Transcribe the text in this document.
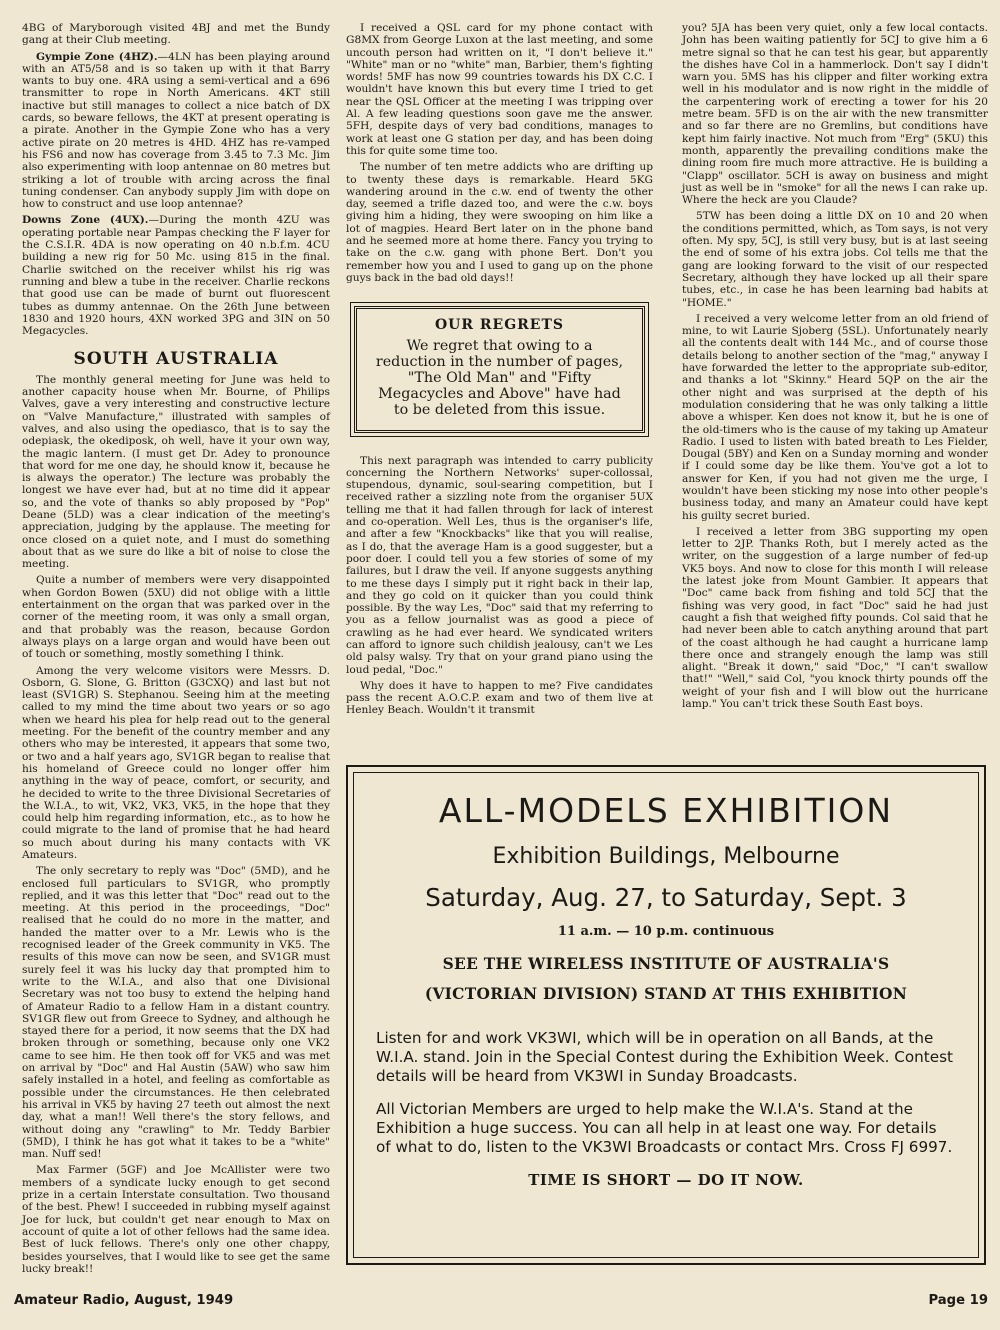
4BG of Maryborough visited 4BJ and met the Bundy gang at their Club meeting.

Gympie Zone (4HZ).—4LN has been playing around with an AT5/58 and is so taken up with it that Barry wants to buy one. 4RA using a semi-vertical and a 696 transmitter to rope in North Americans. 4KT still inactive but still manages to collect a nice batch of DX cards, so beware fellows, the 4KT at present operating is a pirate. Another in the Gympie Zone who has a very active pirate on 20 metres is 4HD. 4HZ has re-vamped his FS6 and now has coverage from 3.45 to 7.3 Mc. Jim also experimenting with loop antennae on 80 metres but striking a lot of trouble with arcing across the final tuning condenser. Can anybody supply Jim with dope on how to construct and use loop antennae?

Downs Zone (4UX).—During the month 4ZU was operating portable near Pampas checking the F layer for the C.S.I.R. 4DA is now operating on 40 n.b.f.m. 4CU building a new rig for 50 Mc. using 815 in the final. Charlie switched on the receiver whilst his rig was running and blew a tube in the receiver. Charlie reckons that good use can be made of burnt out fluorescent tubes as dummy antennae. On the 26th June between 1830 and 1920 hours, 4XN worked 3PG and 3IN on 50 Megacycles.

SOUTH AUSTRALIA

The monthly general meeting for June was held to another capacity house when Mr. Bourne, of Philips Valves, gave a very interesting and constructive lecture on "Valve Manufacture," illustrated with samples of valves, and also using the opediasco, that is to say the odepiask, the okediposk, oh well, have it your own way, the magic lantern. (I must get Dr. Adey to pronounce that word for me one day, he should know it, because he is always the operator.) The lecture was probably the longest we have ever had, but at no time did it appear so, and the vote of thanks so ably proposed by "Pop" Deane (5LD) was a clear indication of the meeting's appreciation, judging by the applause. The meeting for once closed on a quiet note, and I must do something about that as we sure do like a bit of noise to close the meeting.

Quite a number of members were very disappointed when Gordon Bowen (5XU) did not oblige with a little entertainment on the organ that was parked over in the corner of the meeting room, it was only a small organ, and that probably was the reason, because Gordon always plays on a large organ and would have been out of touch or something, mostly something I think.

Among the very welcome visitors were Messrs. D. Osborn, G. Slone, G. Britton (G3CXQ) and last but not least (SV1GR) S. Stephanou. Seeing him at the meeting called to my mind the time about two years or so ago when we heard his plea for help read out to the general meeting. For the benefit of the country member and any others who may be interested, it appears that some two, or two and a half years ago, SV1GR began to realise that his homeland of Greece could no longer offer him anything in the way of peace, comfort, or security, and he decided to write to the three Divisional Secretaries of the W.I.A., to wit, VK2, VK3, VK5, in the hope that they could help him regarding information, etc., as to how he could migrate to the land of promise that he had heard so much about during his many contacts with VK Amateurs.

The only secretary to reply was "Doc" (5MD), and he enclosed full particulars to SV1GR, who promptly replied, and it was this letter that "Doc" read out to the meeting. At this period in the proceedings, "Doc" realised that he could do no more in the matter, and handed the matter over to a Mr. Lewis who is the recognised leader of the Greek community in VK5. The results of this move can now be seen, and SV1GR must surely feel it was his lucky day that prompted him to write to the W.I.A., and also that one Divisional Secretary was not too busy to extend the helping hand of Amateur Radio to a fellow Ham in a distant country. SV1GR flew out from Greece to Sydney, and although he stayed there for a period, it now seems that the DX had broken through or something, because only one VK2 came to see him. He then took off for VK5 and was met on arrival by "Doc" and Hal Austin (5AW) who saw him safely installed in a hotel, and feeling as comfortable as possible under the circumstances. He then celebrated his arrival in VK5 by having 27 teeth out almost the next day, what a man!! Well there's the story fellows, and without doing any "crawling" to Mr. Teddy Barbier (5MD), I think he has got what it takes to be a "white" man. Nuff sed!

Max Farmer (5GF) and Joe McAllister were two members of a syndicate lucky enough to get second prize in a certain Interstate consultation. Two thousand of the best. Phew! I succeeded in rubbing myself against Joe for luck, but couldn't get near enough to Max on account of quite a lot of other fellows had the same idea. Best of luck fellows. There's only one other chappy, besides yourselves, that I would like to see get the same lucky break!!

I received a QSL card for my phone contact with G8MX from George Luxon at the last meeting, and some uncouth person had written on it, "I don't believe it." "White" man or no "white" man, Barbier, them's fighting words! 5MF has now 99 countries towards his DX C.C. I wouldn't have known this but every time I tried to get near the QSL Officer at the meeting I was tripping over Al. A few leading questions soon gave me the answer. 5FH, despite days of very bad conditions, manages to work at least one G station per day, and has been doing this for quite some time too.

The number of ten metre addicts who are drifting up to twenty these days is remarkable. Heard 5KG wandering around in the c.w. end of twenty the other day, seemed a trifle dazed too, and were the c.w. boys giving him a hiding, they were swooping on him like a lot of magpies. Heard Bert later on in the phone band and he seemed more at home there. Fancy you trying to take on the c.w. gang with phone Bert. Don't you remember how you and I used to gang up on the phone guys back in the bad old days!!

OUR REGRETS
We regret that owing to a reduction in the number of pages, "The Old Man" and "Fifty Megacycles and Above" have had to be deleted from this issue.

This next paragraph was intended to carry publicity concerning the Northern Networks' super-collossal, stupendous, dynamic, soul-searing competition, but I received rather a sizzling note from the organiser 5UX telling me that it had fallen through for lack of interest and co-operation. Well Les, thus is the organiser's life, and after a few "Knockbacks" like that you will realise, as I do, that the average Ham is a good suggester, but a poor doer. I could tell you a few stories of some of my failures, but I draw the veil. If anyone suggests anything to me these days I simply put it right back in their lap, and they go cold on it quicker than you could think possible. By the way Les, "Doc" said that my referring to you as a fellow journalist was as good a piece of crawling as he had ever heard. We syndicated writers can afford to ignore such childish jealousy, can't we Les old palsy walsy. Try that on your grand piano using the loud pedal, "Doc."

Why does it have to happen to me? Five candidates pass the recent A.O.C.P. exam and two of them live at Henley Beach. Wouldn't it transmit

you? 5JA has been very quiet, only a few local contacts. John has been waiting patiently for 5CJ to give him a 6 metre signal so that he can test his gear, but apparently the dishes have Col in a hammerlock. Don't say I didn't warn you. 5MS has his clipper and filter working extra well in his modulator and is now right in the middle of the carpentering work of erecting a tower for his 20 metre beam. 5FD is on the air with the new transmitter and so far there are no Gremlins, but conditions have kept him fairly inactive. Not much from "Erg" (5KU) this month, apparently the prevailing conditions make the dining room fire much more attractive. He is building a "Clapp" oscillator. 5CH is away on business and might just as well be in "smoke" for all the news I can rake up. Where the heck are you Claude?

5TW has been doing a little DX on 10 and 20 when the conditions permitted, which, as Tom says, is not very often. My spy, 5CJ, is still very busy, but is at last seeing the end of some of his extra jobs. Col tells me that the gang are looking forward to the visit of our respected Secretary, although they have locked up all their spare tubes, etc., in case he has been learning bad habits at "HOME."

I received a very welcome letter from an old friend of mine, to wit Laurie Sjoberg (5SL). Unfortunately nearly all the contents dealt with 144 Mc., and of course those details belong to another section of the "mag," anyway I have forwarded the letter to the appropriate sub-editor, and thanks a lot "Skinny." Heard 5QP on the air the other night and was surprised at the depth of his modulation considering that he was only talking a little above a whisper. Ken does not know it, but he is one of the old-timers who is the cause of my taking up Amateur Radio. I used to listen with bated breath to Les Fielder, Dougal (5BY) and Ken on a Sunday morning and wonder if I could some day be like them. You've got a lot to answer for Ken, if you had not given me the urge, I wouldn't have been sticking my nose into other people's business today, and many an Amateur could have kept his guilty secret buried.

I received a letter from 3BG supporting my open letter to 2JP. Thanks Roth, but I merely acted as the writer, on the suggestion of a large number of fed-up VK5 boys. And now to close for this month I will release the latest joke from Mount Gambier. It appears that "Doc" came back from fishing and told 5CJ that the fishing was very good, in fact "Doc" said he had just caught a fish that weighed fifty pounds. Col said that he had never been able to catch anything around that part of the coast although he had caught a hurricane lamp there once and strangely enough the lamp was still alight. "Break it down," said "Doc," "I can't swallow that!" "Well," said Col, "you knock thirty pounds off the weight of your fish and I will blow out the hurricane lamp." You can't trick these South East boys.

ALL-MODELS EXHIBITION
Exhibition Buildings, Melbourne
Saturday, Aug. 27, to Saturday, Sept. 3
11 a.m. — 10 p.m. continuous
SEE THE WIRELESS INSTITUTE OF AUSTRALIA'S
(VICTORIAN DIVISION) STAND AT THIS EXHIBITION

Listen for and work VK3WI, which will be in operation on all Bands, at the W.I.A. stand. Join in the Special Contest during the Exhibition Week. Contest details will be heard from VK3WI in Sunday Broadcasts.

All Victorian Members are urged to help make the W.I.A's. Stand at the Exhibition a huge success. You can all help in at least one way. For details of what to do, listen to the VK3WI Broadcasts or contact Mrs. Cross FJ 6997.

TIME IS SHORT — DO IT NOW.
Amateur Radio, August, 1949	Page 19
